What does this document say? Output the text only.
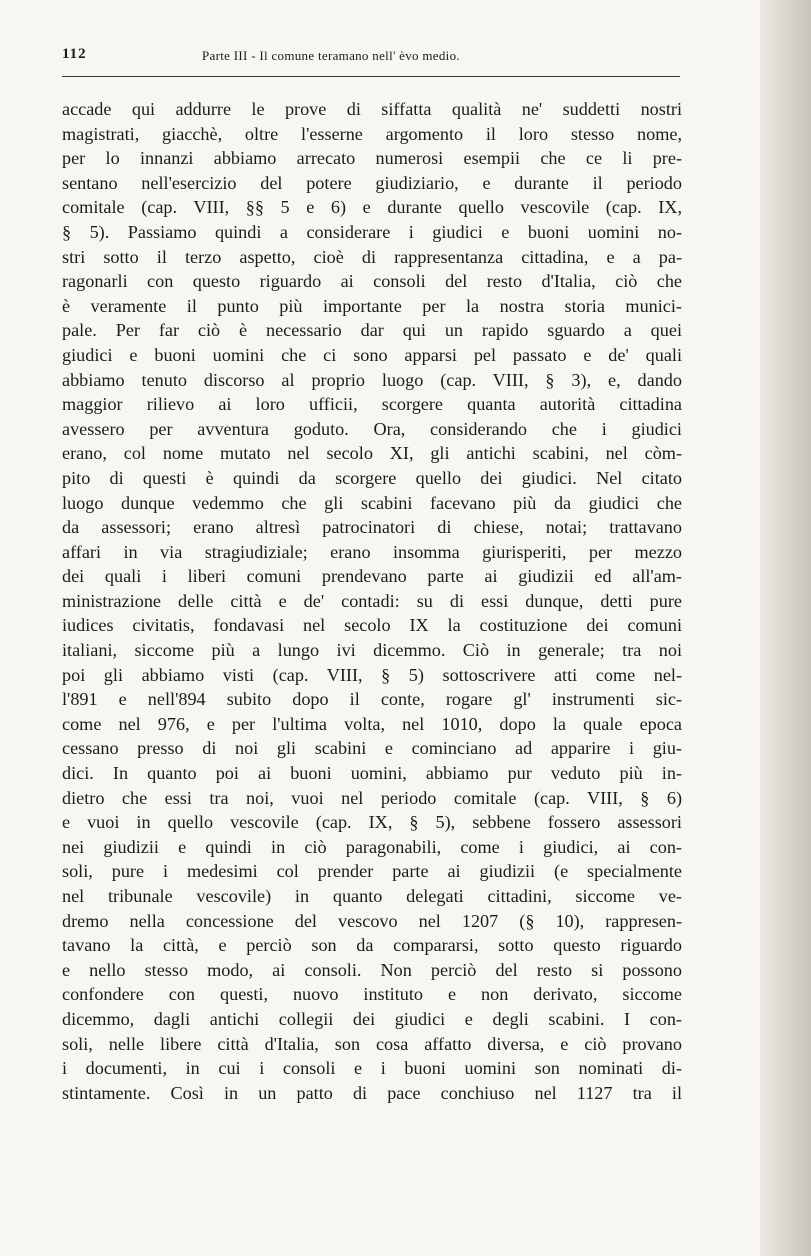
112	Parte III - Il comune teramano nell' èvo medio.
accade qui addurre le prove di siffatta qualità ne' suddetti nostri
magistrati, giacchè, oltre l'esserne argomento il loro stesso nome,
per lo innanzi abbiamo arrecato numerosi esempii che ce li pre-
sentano nell'esercizio del potere giudiziario, e durante il periodo
comitale (cap. VIII, §§ 5 e 6) e durante quello vescovile (cap. IX,
§ 5). Passiamo quindi a considerare i giudici e buoni uomini no-
stri sotto il terzo aspetto, cioè di rappresentanza cittadina, e a pa-
ragonarli con questo riguardo ai consoli del resto d'Italia, ciò che
è veramente il punto più importante per la nostra storia munici-
pale. Per far ciò è necessario dar qui un rapido sguardo a quei
giudici e buoni uomini che ci sono apparsi pel passato e de' quali
abbiamo tenuto discorso al proprio luogo (cap. VIII, § 3), e, dando
maggior rilievo ai loro ufficii, scorgere quanta autorità cittadina
avessero per avventura goduto. Ora, considerando che i giudici
erano, col nome mutato nel secolo XI, gli antichi scabini, nel còm-
pito di questi è quindi da scorgere quello dei giudici. Nel citato
luogo dunque vedemmo che gli scabini facevano più da giudici che
da assessori; erano altresì patrocinatori di chiese, notai; trattavano
affari in via stragiudiziale; erano insomma giurisperiti, per mezzo
dei quali i liberi comuni prendevano parte ai giudizii ed all'am-
ministrazione delle città e de' contadi: su di essi dunque, detti pure
iudices civitatis, fondavasi nel secolo IX la costituzione dei comuni
italiani, siccome più a lungo ivi dicemmo. Ciò in generale; tra noi
poi gli abbiamo visti (cap. VIII, § 5) sottoscrivere atti come nel-
l'891 e nell'894 subito dopo il conte, rogare gl' instrumenti sic-
come nel 976, e per l'ultima volta, nel 1010, dopo la quale epoca
cessano presso di noi gli scabini e cominciano ad apparire i giu-
dici. In quanto poi ai buoni uomini, abbiamo pur veduto più in-
dietro che essi tra noi, vuoi nel periodo comitale (cap. VIII, § 6)
e vuoi in quello vescovile (cap. IX, § 5), sebbene fossero assessori
nei giudizii e quindi in ciò paragonabili, come i giudici, ai con-
soli, pure i medesimi col prender parte ai giudizii (e specialmente
nel tribunale vescovile) in quanto delegati cittadini, siccome ve-
dremo nella concessione del vescovo nel 1207 (§ 10), rappresen-
tavano la città, e perciò son da compararsi, sotto questo riguardo
e nello stesso modo, ai consoli. Non perciò del resto si possono
confondere con questi, nuovo instituto e non derivato, siccome
dicemmo, dagli antichi collegii dei giudici e degli scabini. I con-
soli, nelle libere città d'Italia, son cosa affatto diversa, e ciò provano
i documenti, in cui i consoli e i buoni uomini son nominati di-
stintamente. Così in un patto di pace conchiuso nel 1127 tra il
